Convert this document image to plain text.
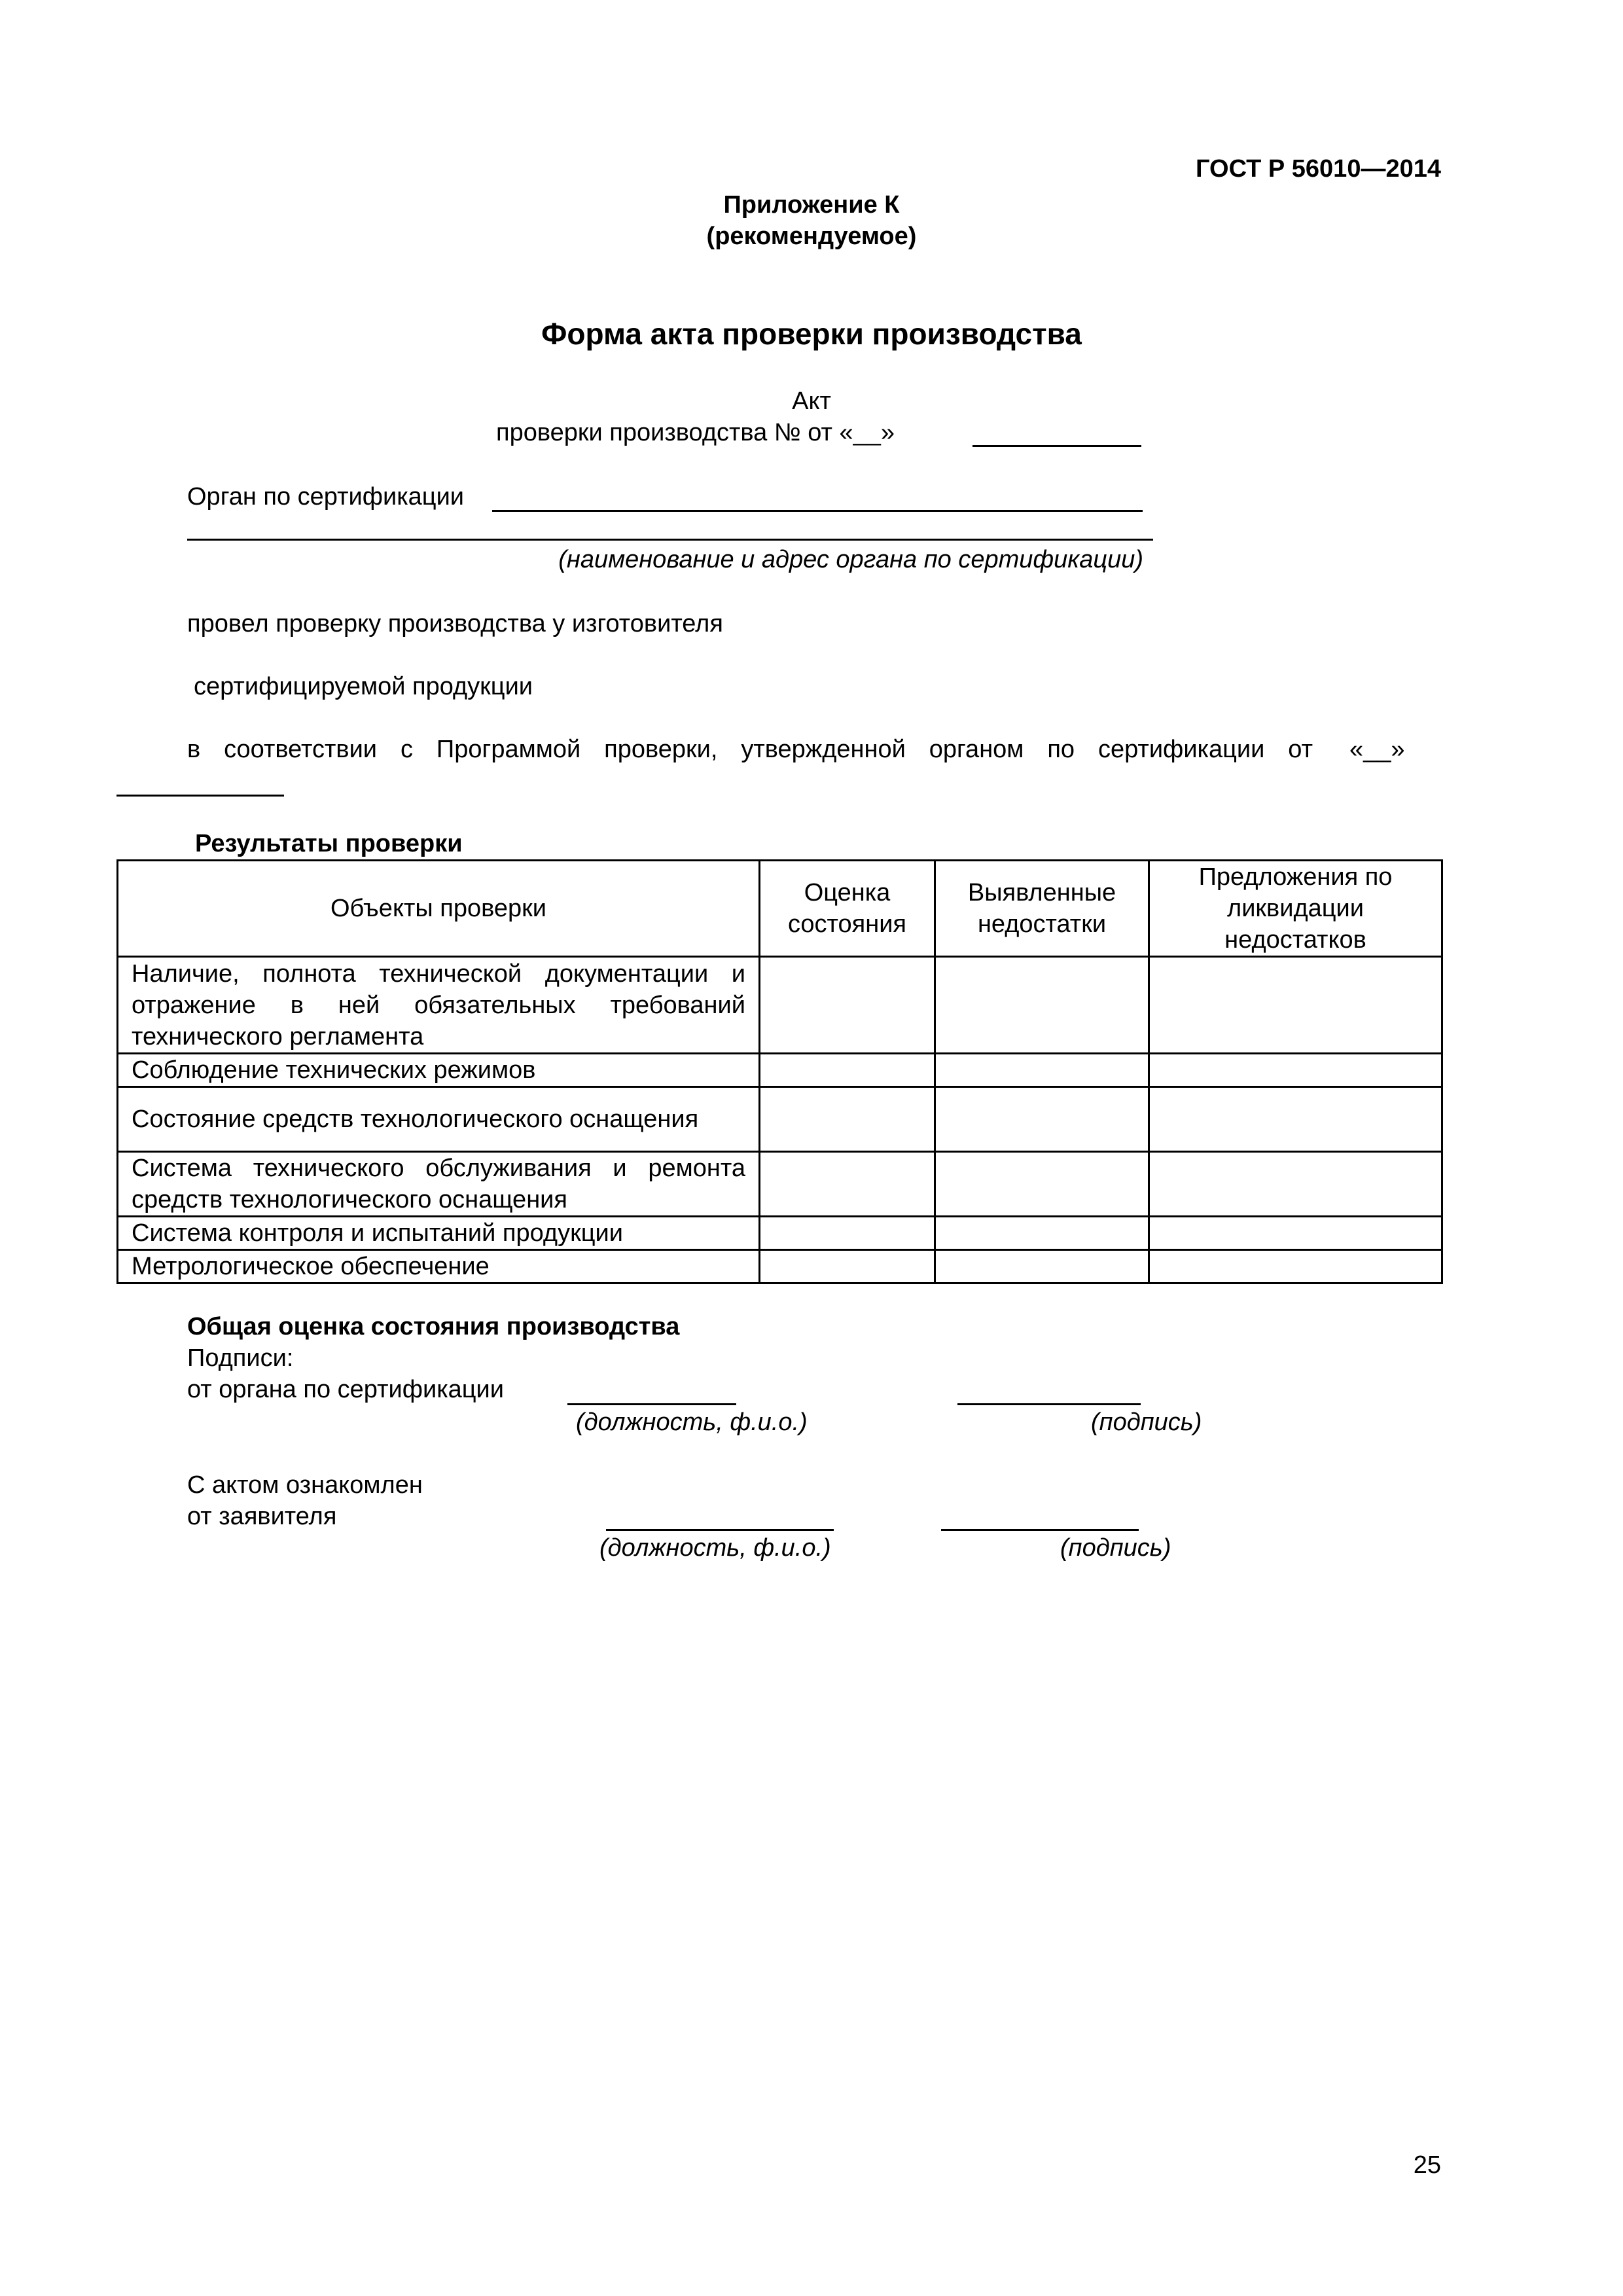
ГОСТ Р 56010—2014
Приложение К
(рекомендуемое)
Форма акта проверки производства
Акт
проверки производства № от «__»
Орган по сертификации
(наименование и адрес органа по сертификации)
провел проверку производства у изготовителя
сертифицируемой продукции
в соответствии с Программой проверки, утвержденной органом по сертификации от «__»
Результаты проверки
Объекты проверки	Оценка состояния	Выявленные недостатки	Предложения по ликвидации недостатков
Наличие, полнота технической документации и отражение в ней обязательных требований технического регламента			
Соблюдение технических режимов			
Состояние средств технологического оснащения			
Система технического обслуживания и ремонта средств технологического оснащения			
Система контроля и испытаний продукции			
Метрологическое обеспечение			
Общая оценка состояния производства
Подписи:
от органа по сертификации
(должность, ф.и.о.)	(подпись)
С актом ознакомлен
от заявителя
(должность, ф.и.о.)	(подпись)
25
